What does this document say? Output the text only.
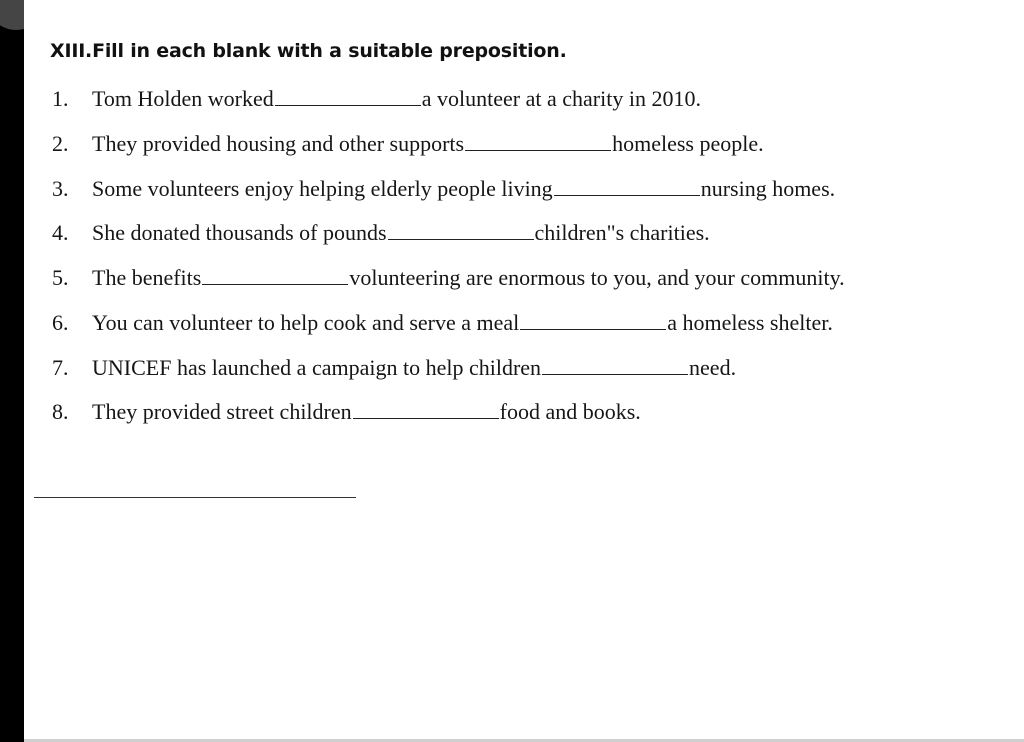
XIII.Fill in each blank with a suitable preposition.
1. Tom Holden worked	a volunteer at a charity in 2010.
2. They provided housing and other supports	homeless people.
3. Some volunteers enjoy helping elderly people living	nursing homes.
4. She donated thousands of pounds	children"s charities.
5. The benefits	volunteering are enormous to you, and your community.
6. You can volunteer to help cook and serve a meal	a homeless shelter.
7. UNICEF has launched a campaign to help children	need.
8. They provided street children	food and books.
